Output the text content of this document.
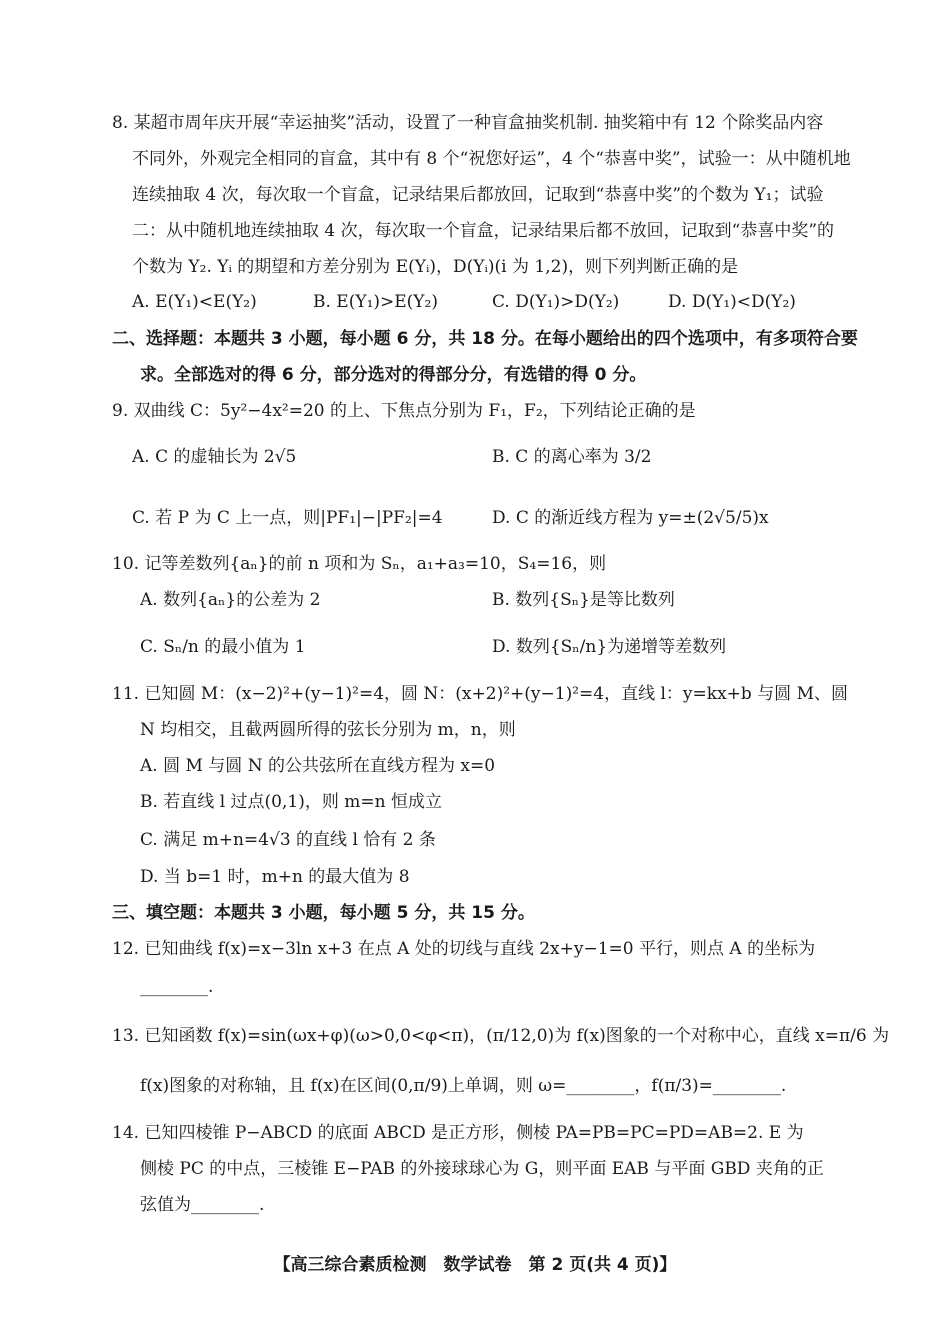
8. 某超市周年庆开展“幸运抽奖”活动，设置了一种盲盒抽奖机制. 抽奖箱中有 12 个除奖品内容
不同外，外观完全相同的盲盒，其中有 8 个“祝您好运”，4 个“恭喜中奖”，试验一：从中随机地
连续抽取 4 次，每次取一个盲盒，记录结果后都放回，记取到“恭喜中奖”的个数为 Y₁；试验
二：从中随机地连续抽取 4 次，每次取一个盲盒，记录结果后都不放回，记取到“恭喜中奖”的
个数为 Y₂. Yᵢ 的期望和方差分别为 E(Yᵢ)，D(Yᵢ)(i 为 1,2)，则下列判断正确的是
A. E(Y₁)<E(Y₂)	B. E(Y₁)>E(Y₂)	C. D(Y₁)>D(Y₂)	D. D(Y₁)<D(Y₂)
二、选择题：本题共 3 小题，每小题 6 分，共 18 分。在每小题给出的四个选项中，有多项符合要
求。全部选对的得 6 分，部分选对的得部分分，有选错的得 0 分。
9. 双曲线 C：5y²−4x²=20 的上、下焦点分别为 F₁，F₂，下列结论正确的是
A. C 的虚轴长为 2√5	B. C 的离心率为 3/2
C. 若 P 为 C 上一点，则|PF₁|−|PF₂|=4	D. C 的渐近线方程为 y=±(2√5/5)x
10. 记等差数列{aₙ}的前 n 项和为 Sₙ，a₁+a₃=10，S₄=16，则
A. 数列{aₙ}的公差为 2	B. 数列{Sₙ}是等比数列
C. Sₙ/n 的最小值为 1	D. 数列{Sₙ/n}为递增等差数列
11. 已知圆 M：(x−2)²+(y−1)²=4，圆 N：(x+2)²+(y−1)²=4，直线 l：y=kx+b 与圆 M、圆
N 均相交，且截两圆所得的弦长分别为 m，n，则
A. 圆 M 与圆 N 的公共弦所在直线方程为 x=0
B. 若直线 l 过点(0,1)，则 m=n 恒成立
C. 满足 m+n=4√3 的直线 l 恰有 2 条
D. 当 b=1 时，m+n 的最大值为 8
三、填空题：本题共 3 小题，每小题 5 分，共 15 分。
12. 已知曲线 f(x)=x−3ln x+3 在点 A 处的切线与直线 2x+y−1=0 平行，则点 A 的坐标为
________.
13. 已知函数 f(x)=sin(ωx+φ)(ω>0,0<φ<π)，(π/12,0)为 f(x)图象的一个对称中心，直线 x=π/6 为
f(x)图象的对称轴，且 f(x)在区间(0,π/9)上单调，则 ω=________，f(π/3)=________.
14. 已知四棱锥 P−ABCD 的底面 ABCD 是正方形，侧棱 PA=PB=PC=PD=AB=2. E 为
侧棱 PC 的中点，三棱锥 E−PAB 的外接球球心为 G，则平面 EAB 与平面 GBD 夹角的正
弦值为________.
【高三综合素质检测　数学试卷　第 2 页(共 4 页)】
